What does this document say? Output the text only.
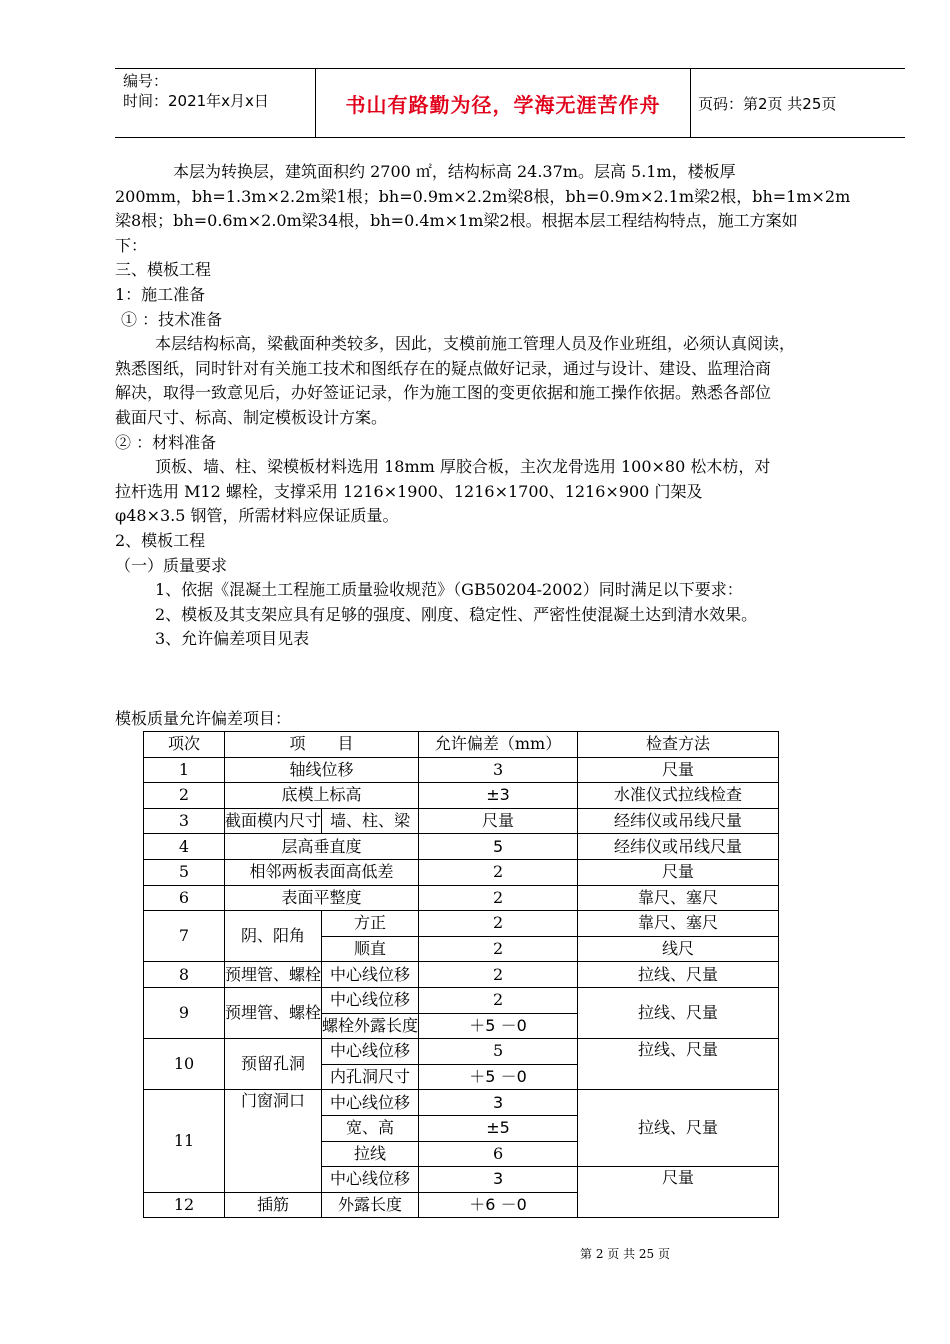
编号：
时间：2021年x月x日	书山有路勤为径，学海无涯苦作舟	页码：第2页 共25页
本层为转换层，建筑面积约 2700 ㎡，结构标高 24.37m。层高 5.1m，楼板厚
200mm，bh=1.3m×2.2m梁1根；bh=0.9m×2.2m梁8根，bh=0.9m×2.1m梁2根，bh=1m×2m
梁8根；bh=0.6m×2.0m梁34根，bh=0.4m×1m梁2根。根据本层工程结构特点，施工方案如
下：
三、模板工程
1：施工准备
① ：技术准备
本层结构标高，梁截面种类较多，因此，支模前施工管理人员及作业班组，必须认真阅读，
熟悉图纸，同时针对有关施工技术和图纸存在的疑点做好记录，通过与设计、建设、监理洽商
解决，取得一致意见后，办好签证记录，作为施工图的变更依据和施工操作依据。熟悉各部位
截面尺寸、标高、制定模板设计方案。
② ：材料准备
顶板、墙、柱、梁模板材料选用 18mm 厚胶合板，主次龙骨选用 100×80 松木枋，对
拉杆选用 M12 螺栓，支撑采用 1216×1900、1216×1700、1216×900 门架及
φ48×3.5 钢管，所需材料应保证质量。
2、模板工程
（一）质量要求
1、依据《混凝土工程施工质量验收规范》（GB50204-2002）同时满足以下要求：
2、模板及其支架应具有足够的强度、刚度、稳定性、严密性使混凝土达到清水效果。
3、允许偏差项目见表
模板质量允许偏差项目：
项次	项　　目		允许偏差（mm）	检查方法
1	轴线位移		3	尺量
2	底模上标高		±3	水准仪式拉线检查
3	截面模内尺寸	墙、柱、梁	尺量	经纬仪或吊线尺量
4	层高垂直度		5	经纬仪或吊线尺量
5	相邻两板表面高低差		2	尺量
6	表面平整度		2	靠尺、塞尺
7	阴、阳角	方正	2	靠尺、塞尺
		顺直	2	线尺
8	预埋管、螺栓	中心线位移	2	拉线、尺量
9	预埋管、螺栓	中心线位移	2	拉线、尺量
		螺栓外露长度	＋5 －0	
10	预留孔洞	中心线位移	5	拉线、尺量
		内孔洞尺寸	＋5 －0	
11	门窗洞口	中心线位移	3	拉线、尺量
		宽、高	±5	
		拉线	6	
		中心线位移	3	尺量
12	插筋	外露长度	＋6 －0	
第 2 页 共 25 页
